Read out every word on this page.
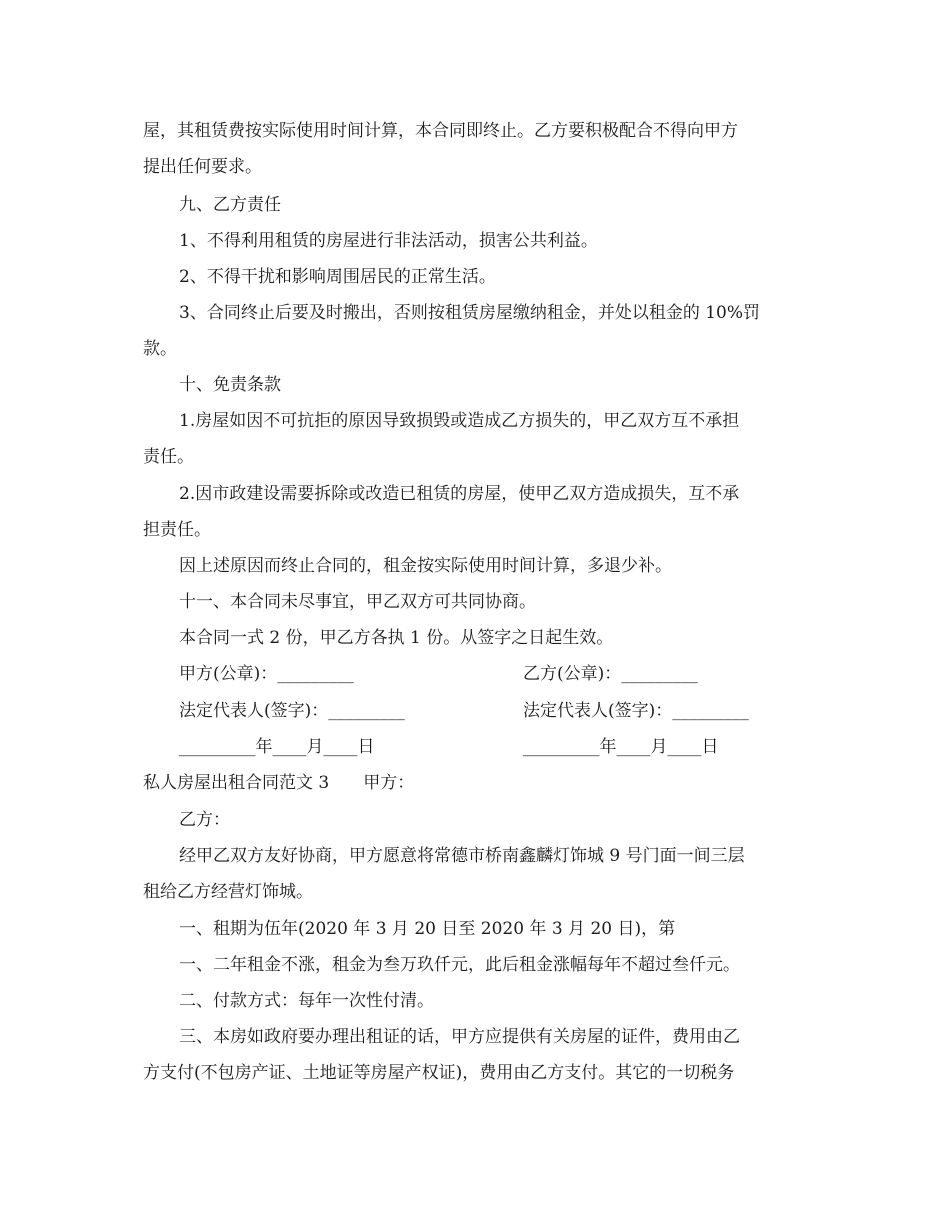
屋，其租赁费按实际使用时间计算，本合同即终止。乙方要积极配合不得向甲方
提出任何要求。
九、乙方责任
1、不得利用租赁的房屋进行非法活动，损害公共利益。
2、不得干扰和影响周围居民的正常生活。
3、合同终止后要及时搬出，否则按租赁房屋缴纳租金，并处以租金的 10%罚
款。
十、免责条款
1.房屋如因不可抗拒的原因导致损毁或造成乙方损失的，甲乙双方互不承担
责任。
2.因市政建设需要拆除或改造已租赁的房屋，使甲乙双方造成损失，互不承
担责任。
因上述原因而终止合同的，租金按实际使用时间计算，多退少补。
十一、本合同未尽事宜，甲乙双方可共同协商。
本合同一式 2 份，甲乙方各执 1 份。从签字之日起生效。
甲方(公章)：_________	乙方(公章)：_________
法定代表人(签字)：_________	法定代表人(签字)：_________
_________年____月____日	_________年____月____日
私人房屋出租合同范文 3　　甲方：
乙方：
经甲乙双方友好协商，甲方愿意将常德市桥南鑫麟灯饰城 9 号门面一间三层
租给乙方经营灯饰城。
一、租期为伍年(2020 年 3 月 20 日至 2020 年 3 月 20 日)，第
一、二年租金不涨，租金为叁万玖仟元，此后租金涨幅每年不超过叁仟元。
二、付款方式：每年一次性付清。
三、本房如政府要办理出租证的话，甲方应提供有关房屋的证件，费用由乙
方支付(不包房产证、土地证等房屋产权证)，费用由乙方支付。其它的一切税务
